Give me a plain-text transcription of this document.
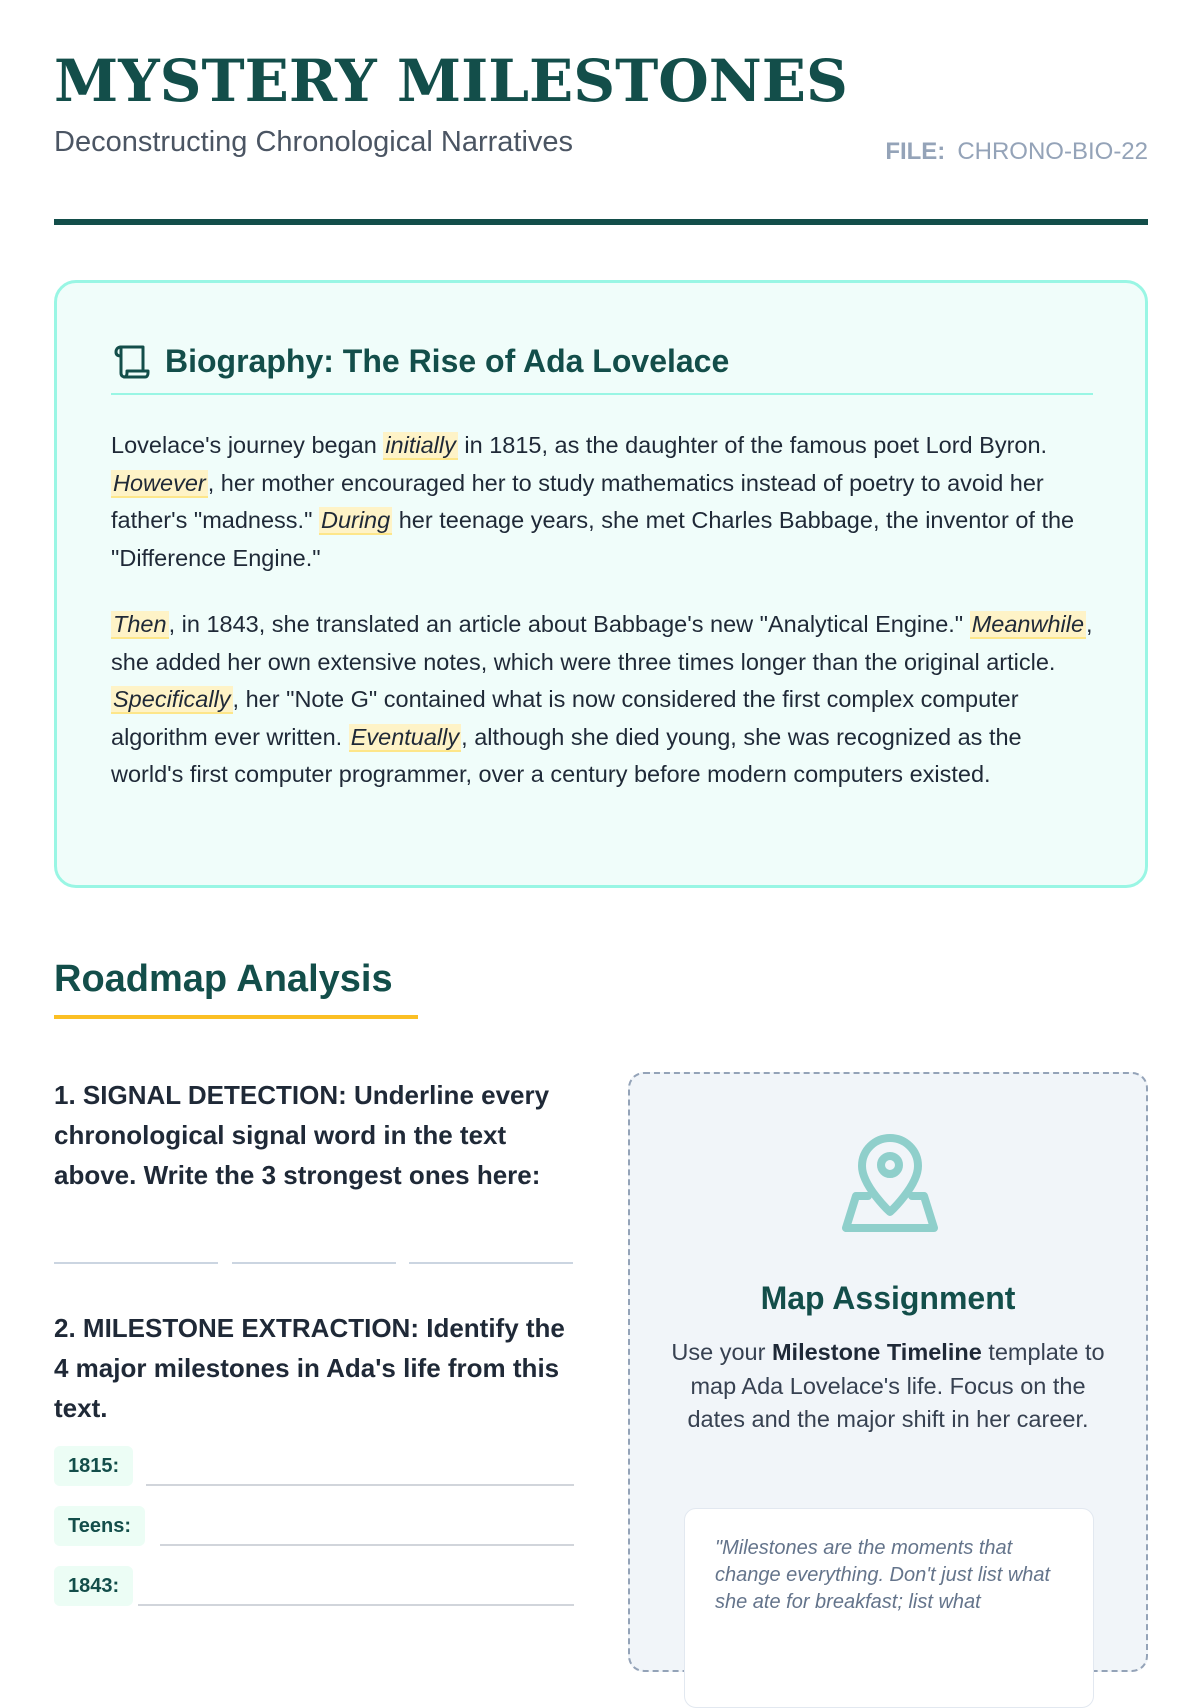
MYSTERY MILESTONES
Deconstructing Chronological Narratives	FILE: CHRONO-BIO-22
Biography: The Rise of Ada Lovelace

Lovelace's journey began initially in 1815, as the daughter of the famous poet Lord Byron. However, her mother encouraged her to study mathematics instead of poetry to avoid her father's "madness." During her teenage years, she met Charles Babbage, the inventor of the "Difference Engine."

Then, in 1843, she translated an article about Babbage's new "Analytical Engine." Meanwhile, she added her own extensive notes, which were three times longer than the original article. Specifically, her "Note G" contained what is now considered the first complex computer algorithm ever written. Eventually, although she died young, she was recognized as the world's first computer programmer, over a century before modern computers existed.

Roadmap Analysis

1. SIGNAL DETECTION: Underline every chronological signal word in the text above. Write the 3 strongest ones here:

2. MILESTONE EXTRACTION: Identify the 4 major milestones in Ada's life from this text.

1815:
Teens:
1843:
Map Assignment

Use your Milestone Timeline template to map Ada Lovelace's life. Focus on the dates and the major shift in her career.

"Milestones are the moments that change everything. Don't just list what she ate for breakfast; list what
